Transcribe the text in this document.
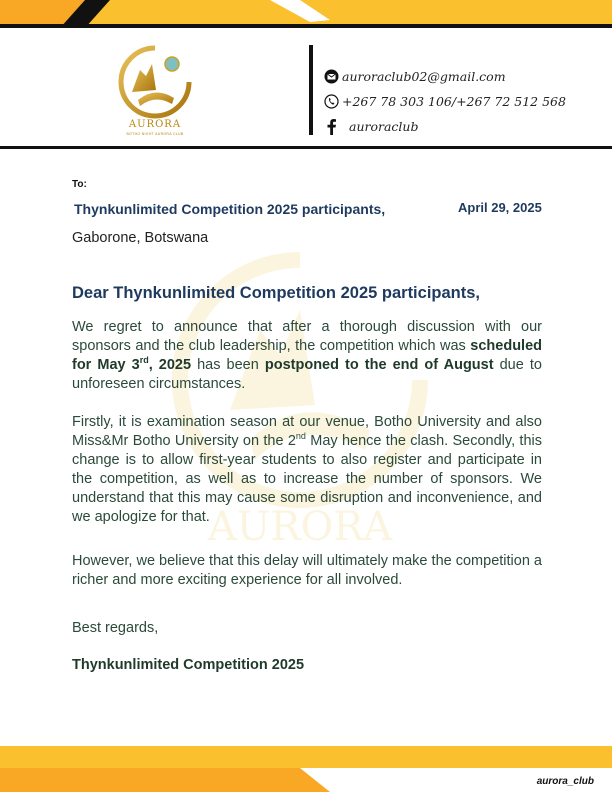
AURORA
BOTHO NIGHT AURORA CLUB
auroraclub02@gmail.com
+267 78 303 106/+267 72 512 568
auroraclub
AURORA
To:
Thynkunlimited Competition 2025 participants,	April 29, 2025
Gaborone, Botswana
Dear Thynkunlimited Competition 2025 participants,
We regret to announce that after a thorough discussion with our sponsors and the club leadership, the competition which was scheduled for May 3rd, 2025 has been postponed to the end of August due to unforeseen circumstances.
Firstly, it is examination season at our venue, Botho University and also Miss&Mr Botho University on the 2nd May hence the clash. Secondly, this change is to allow first-year students to also register and participate in the competition, as well as to increase the number of sponsors. We understand that this may cause some disruption and inconvenience, and we apologize for that.
However, we believe that this delay will ultimately make the competition a richer and more exciting experience for all involved.
Best regards,
Thynkunlimited Competition 2025
aurora_club
